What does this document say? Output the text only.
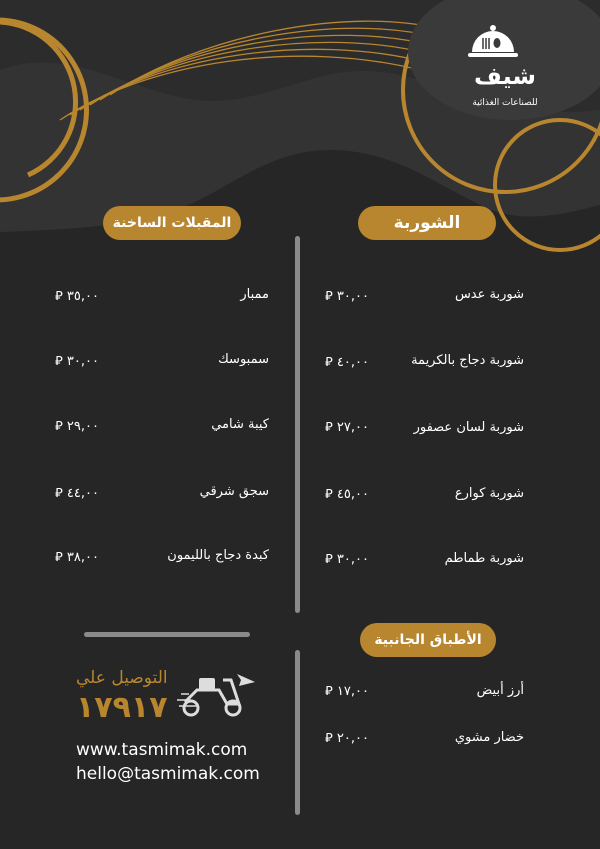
شيف
للصناعات الغذائية
الشوربة
المقبلات الساخنة
الأطباق الجانبية
شوربة عدس
⃁ ٣٠,٠٠
شوربة دجاج بالكريمة
⃁ ٤٠,٠٠
شوربة لسان عصفور
⃁ ٢٧,٠٠
شوربة كوارع
⃁ ٤٥,٠٠
شوربة طماطم
⃁ ٣٠,٠٠
ممبار
⃁ ٣٥,٠٠
سمبوسك
⃁ ٣٠,٠٠
كيبة شامي
⃁ ٢٩,٠٠
سجق شرقي
⃁ ٤٤,٠٠
كبدة دجاج بالليمون
⃁ ٣٨,٠٠
أرز أبيض
⃁ ١٧,٠٠
خضار مشوي
⃁ ٢٠,٠٠
التوصيل علي
١٧٩١٧
www.tasmimak.com
hello@tasmimak.com
